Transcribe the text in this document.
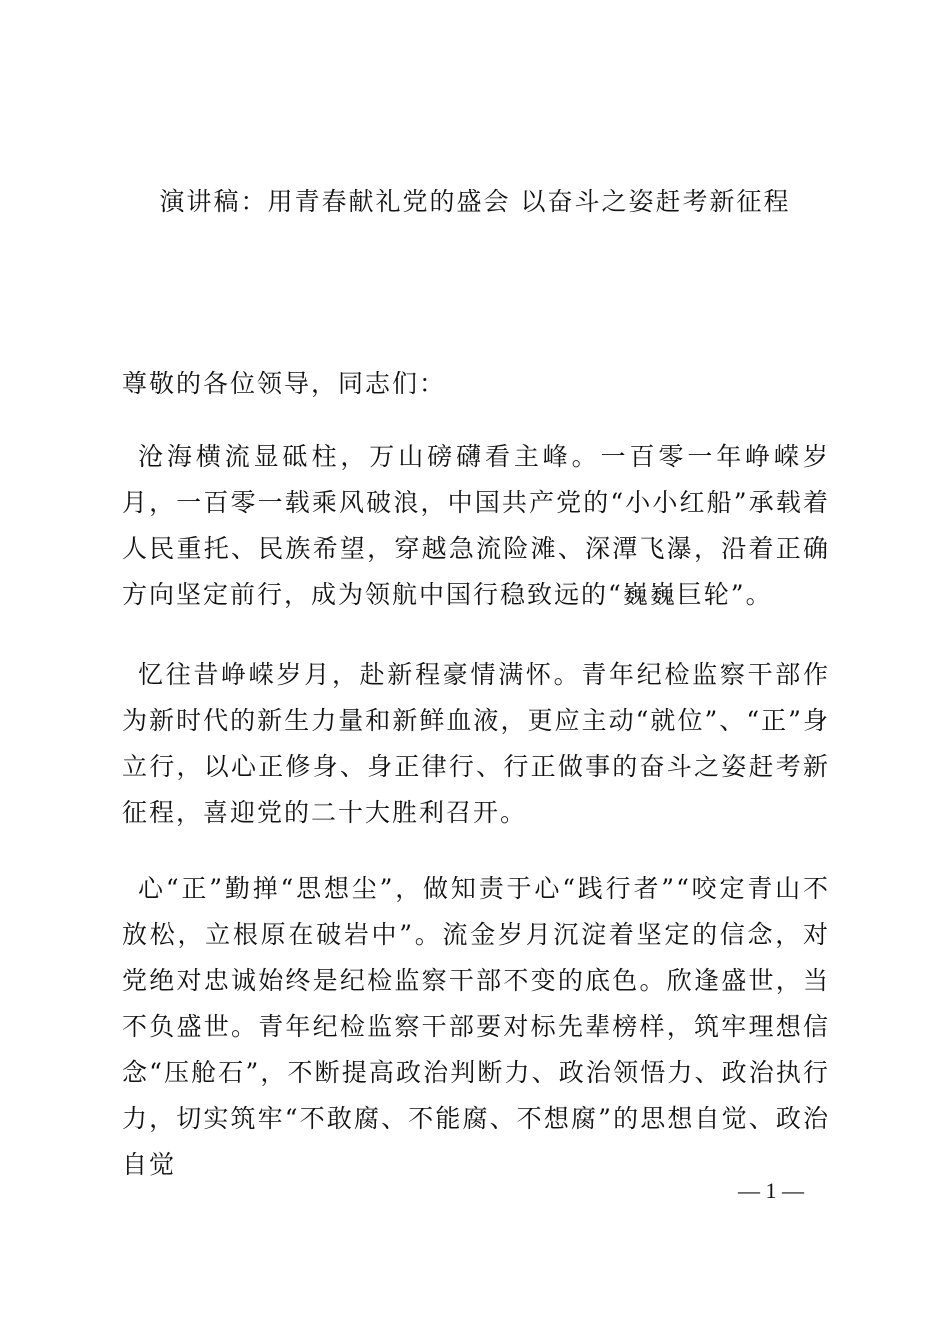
演讲稿：用青春献礼党的盛会 以奋斗之姿赶考新征程
尊敬的各位领导，同志们：

沧海横流显砥柱，万山磅礴看主峰。一百零一年峥嵘岁月，一百零一载乘风破浪，中国共产党的“小小红船”承载着人民重托、民族希望，穿越急流险滩、深潭飞瀑，沿着正确方向坚定前行，成为领航中国行稳致远的“巍巍巨轮”。

忆往昔峥嵘岁月，赴新程豪情满怀。青年纪检监察干部作为新时代的新生力量和新鲜血液，更应主动“就位”、“正”身立行，以心正修身、身正律行、行正做事的奋斗之姿赶考新征程，喜迎党的二十大胜利召开。

心“正”勤掸“思想尘”，做知责于心“践行者”“咬定青山不放松，立根原在破岩中”。流金岁月沉淀着坚定的信念，对党绝对忠诚始终是纪检监察干部不变的底色。欣逢盛世，当不负盛世。青年纪检监察干部要对标先辈榜样，筑牢理想信念“压舱石”，不断提高政治判断力、政治领悟力、政治执行力，切实筑牢“不敢腐、不能腐、不想腐”的思想自觉、政治自觉

— 1 —
